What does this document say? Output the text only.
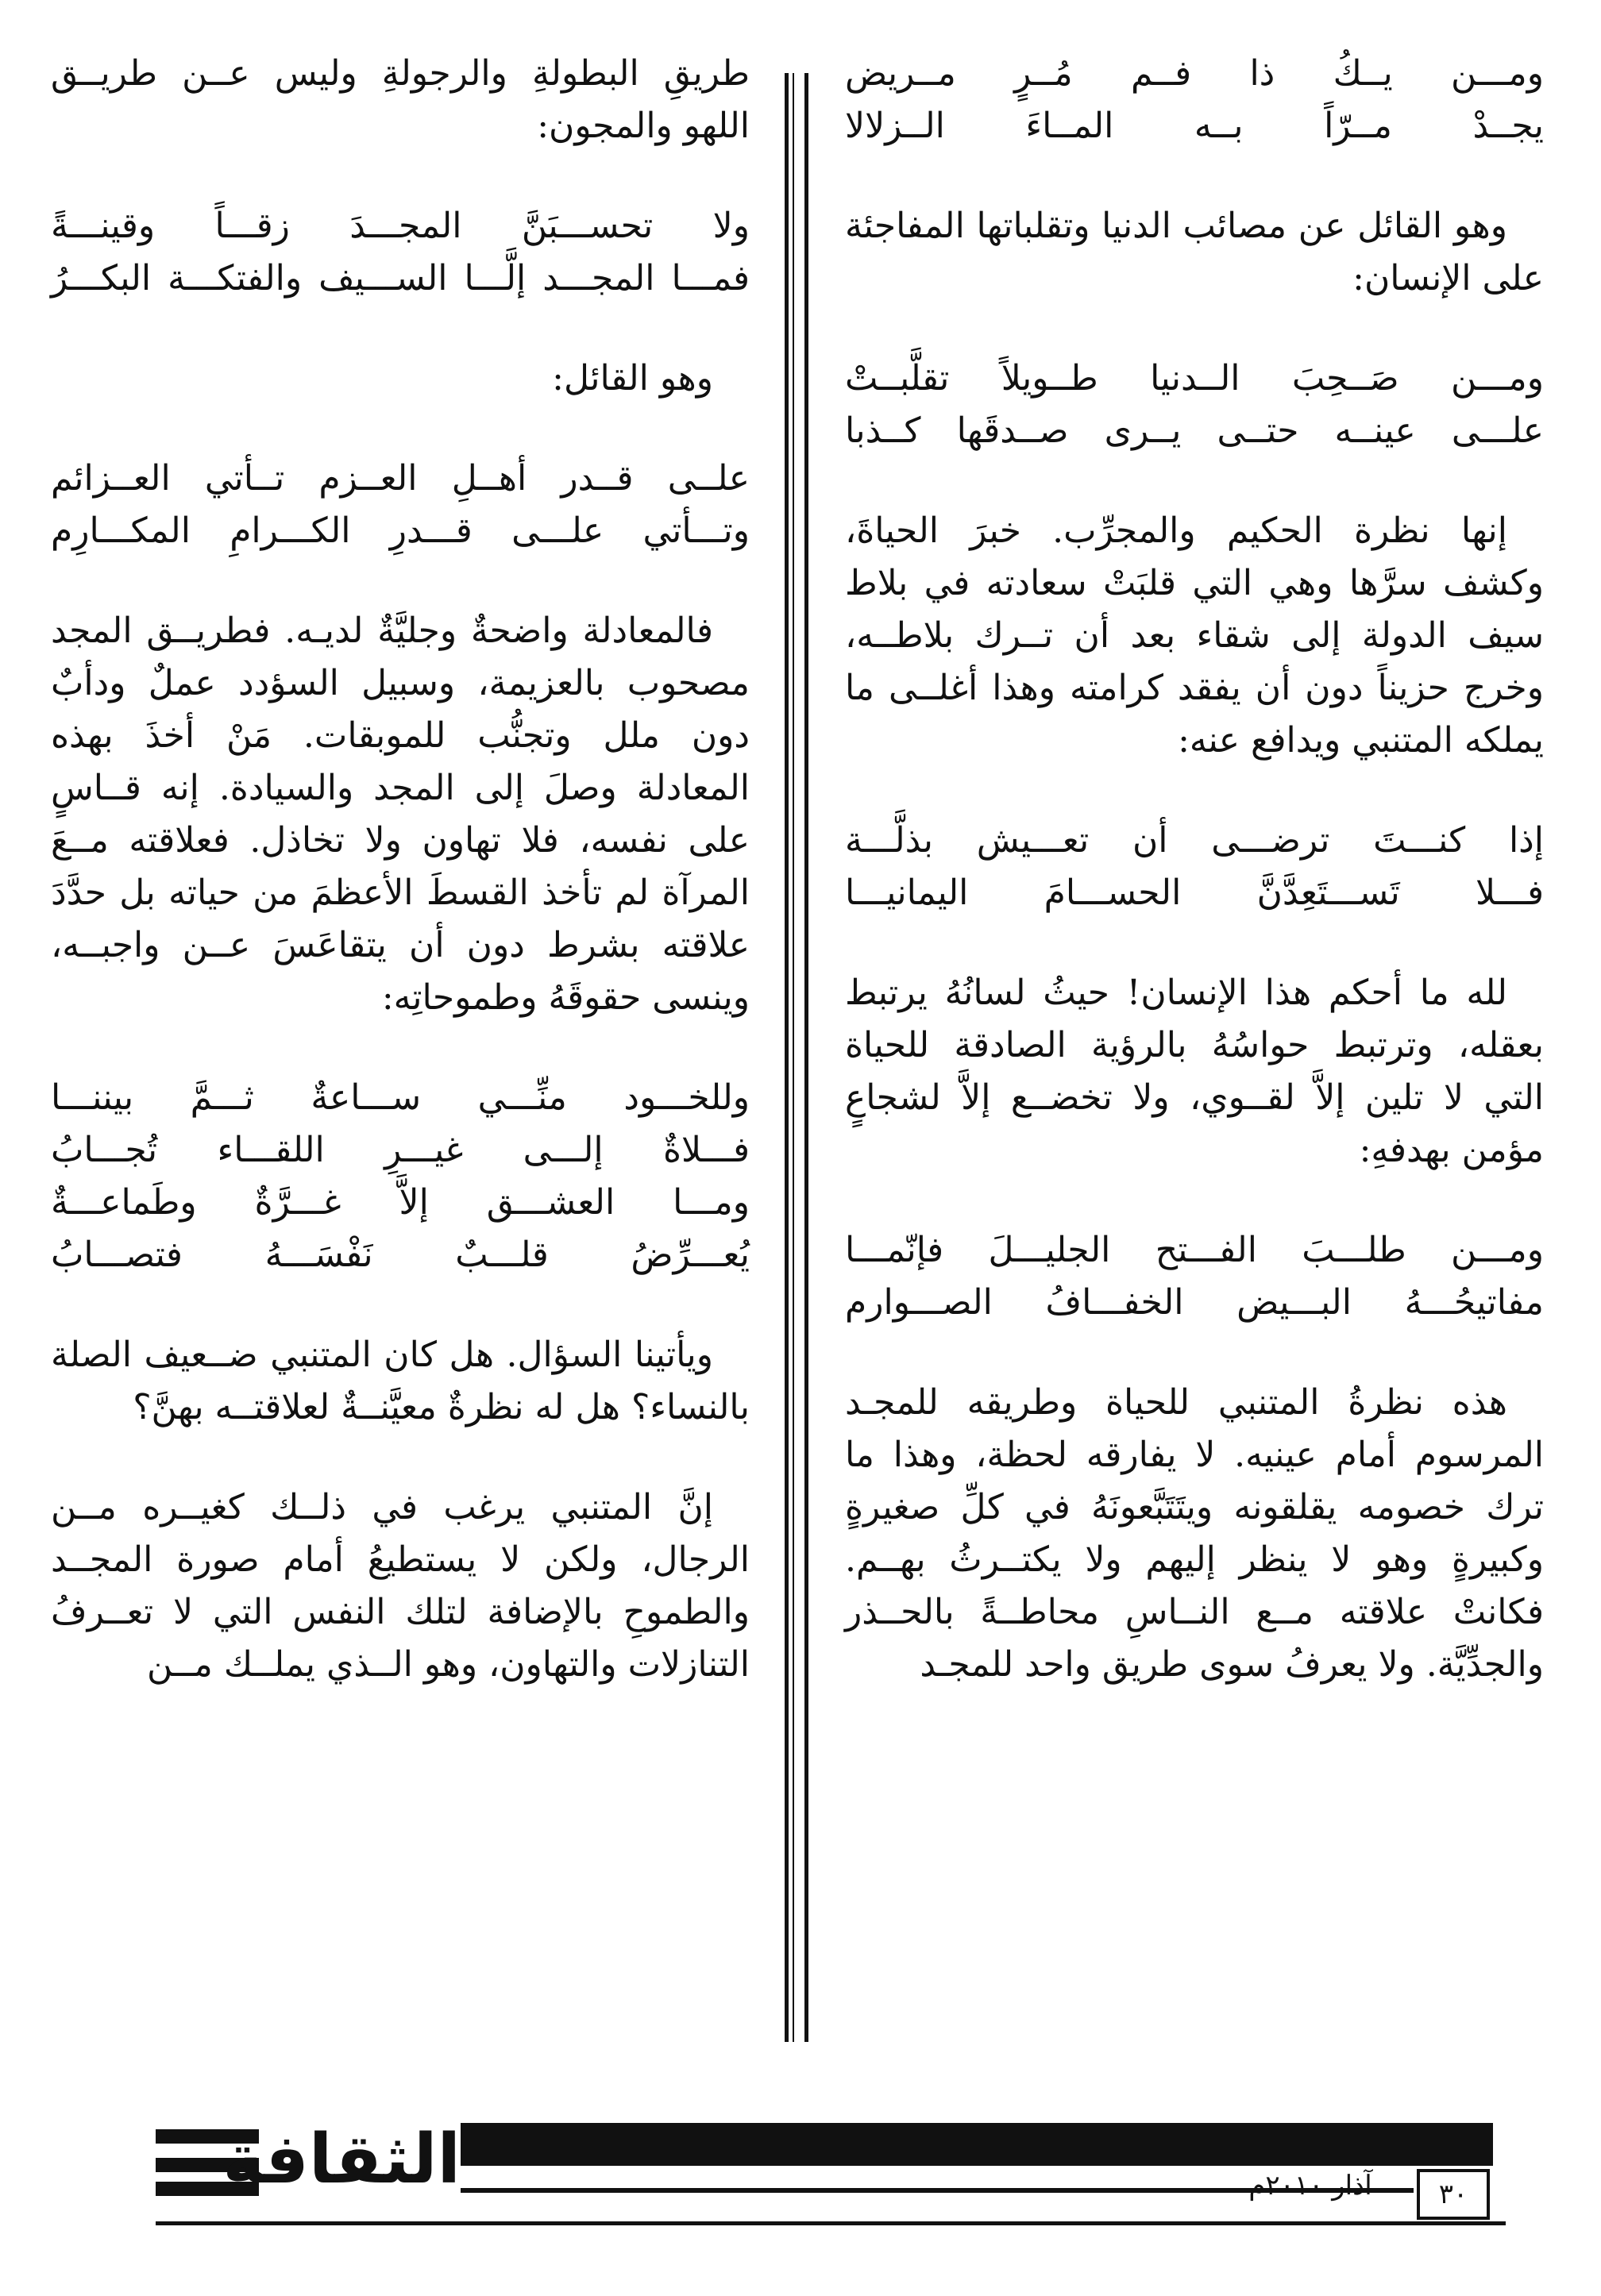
ومـــن يــكُ ذا فــم مُــرٍ مــريض
يجــدْ مــرّاً بــه المــاءَ الــزلالا

وهو القائل عن مصائب الدنيا وتقلباتها المفاجئة على الإنسان:

ومـــن صَــحِبَ الــدنيا طــويلاً تقلَّبــتْ
علـــى عينــه حتــى يــرى صــدقَها كــذبا

إنها نظرة الحكيم والمجرِّب. خبرَ الحياةَ، وكشف سرَّها وهي التي قلبَتْ سعادته في بلاط سيف الدولة إلى شقاء بعد أن تــرك بلاطــه، وخرج حزيناً دون أن يفقد كرامته وهذا أغلــى ما يملكه المتنبي ويدافع عنه:

إذا كنـــتَ ترضـــى أن تعـــيش بذلَّـــة
فـــلا تَســـتَعِدَّنَّ الحســـامَ اليمانيـــا

لله ما أحكم هذا الإنسان! حيثُ لسانُهُ يرتبط بعقله، وترتبط حواسُهُ بالرؤية الصادقة للحياة التي لا تلين إلاَّ لقــوي، ولا تخضــع إلاَّ لشجاعٍ مؤمن بهدفهِ:

ومـــن طلـــبَ الفـــتح الجليـــلَ فإنّمـــا
مفاتيحُـــهُ البـــيض الخفـــافُ الصـــوارم

هذه نظرةُ المتنبي للحياة وطريقه للمجـد المرسوم أمام عينيه. لا يفارقه لحظة، وهذا ما ترك خصومه يقلقونه ويتَتَبَّعونَهُ في كلِّ صغيرةٍ وكبيرةٍ وهو لا ينظر إليهم ولا يكتــرثُ بهــم. فكانتْ علاقته مــع النــاسِ محاطــةً بالحــذر والجدِّيَّة. ولا يعرفُ سوى طريق واحد للمجـد

طريقِ البطولةِ والرجولةِ وليس عــن طريــق اللهو والمجون:

ولا تحســـبَنَّ المجـــدَ زقـــاً وقينـــةً
فمـــا المجـــد إلَّـــا الســـيف والفتكـــة البكـــرُ

وهو القائل:

علــى قــدر أهــلِ العــزم تــأتي العــزائم
وتـــأتي علـــى قـــدرِ الكـــرامِ المكـــارِم

فالمعادلة واضحةٌ وجليَّةٌ لديـه. فطريــق المجد مصحوب بالعزيمة، وسبيل السؤدد عملٌ ودأبٌ دون ملل وتجنُّب للموبقات. مَنْ أخذَ بهذه المعادلة وصلَ إلى المجد والسيادة. إنه قــاسٍ على نفسه، فلا تهاون ولا تخاذل. فعلاقته مــعَ المرآة لم تأخذ القسطَ الأعظمَ من حياته بل حدَّدَ علاقته بشرط دون أن يتقاعَسَ عــن واجبــه، وينسى حقوقَهُ وطموحاتِه:

وللخـــود منِّـــي ســـاعةٌ ثـــمَّ بيننـــا
فـــلاةٌ إلـــى غيـــرِ اللقـــاء تُجـــابُ
ومـــا العشـــق إلاَّ غـــرَّةٌ وطَماعـــةٌ
يُعـــرِّضُ قلـــبٌ نَفْسَـــهُ فتصـــابُ

ويأتينا السؤال. هل كان المتنبي ضــعيف الصلة بالنساء؟ هل له نظرةٌ معيَّنــةٌ لعلاقتــه بهنَّ؟

إنَّ المتنبي يرغب في ذلــك كغيــره مــن الرجال، ولكن لا يستطيعُ أمام صورة المجــد والطموحِ بالإضافة لتلك النفس التي لا تعــرفُ التنازلات والتهاون، وهو الــذي يملــك مــن

الثقافة	آذار ٢٠١٠م	٣٠
